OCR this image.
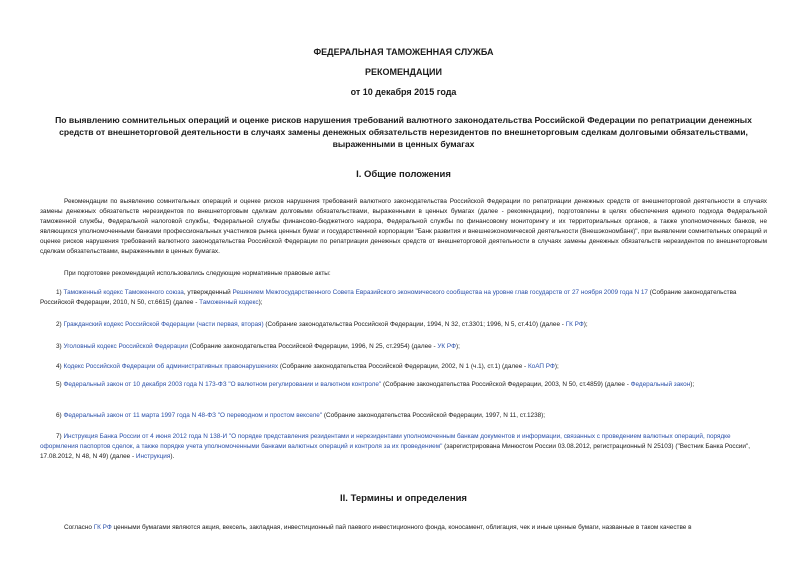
ФЕДЕРАЛЬНАЯ ТАМОЖЕННАЯ СЛУЖБА
РЕКОМЕНДАЦИИ
от 10 декабря 2015 года
По выявлению сомнительных операций и оценке рисков нарушения требований валютного законодательства Российской Федерации по репатриации денежных средств от внешнеторговой деятельности в случаях замены денежных обязательств нерезидентов по внешнеторговым сделкам долговыми обязательствами, выраженными в ценных бумагах
I. Общие положения
Рекомендации по выявлению сомнительных операций и оценке рисков нарушения требований валютного законодательства Российской Федерации по репатриации денежных средств от внешнеторговой деятельности в случаях замены денежных обязательств нерезидентов по внешнеторговым сделкам долговыми обязательствами, выраженными в ценных бумагах (далее - рекомендации), подготовлены в целях обеспечения единого подхода Федеральной таможенной службы, Федеральной налоговой службы, Федеральной службы финансово-бюджетного надзора, Федеральной службы по финансовому мониторингу и их территориальных органов, а также уполномоченных банков, не являющихся уполномоченными банками профессиональных участников рынка ценных бумаг и государственной корпорации "Банк развития и внешнеэкономической деятельности (Внешэкономбанк)", при выявлении сомнительных операций и оценке рисков нарушения требований валютного законодательства Российской Федерации по репатриации денежных средств от внешнеторговой деятельности в случаях замены денежных обязательств нерезидентов по внешнеторговым сделкам обязательствами, выраженными в ценных бумагах.
При подготовке рекомендаций использовались следующие нормативные правовые акты:
1) Таможенный кодекс Таможенного союза, утвержденный Решением Межгосударственного Совета Евразийского экономического сообщества на уровне глав государств от 27 ноября 2009 года N 17 (Собрание законодательства Российской Федерации, 2010, N 50, ст.6615) (далее - Таможенный кодекс);
2) Гражданский кодекс Российской Федерации (части первая, вторая) (Собрание законодательства Российской Федерации, 1994, N 32, ст.3301; 1996, N 5, ст.410) (далее - ГК РФ);
3) Уголовный кодекс Российской Федерации (Собрание законодательства Российской Федерации, 1996, N 25, ст.2954) (далее - УК РФ);
4) Кодекс Российской Федерации об административных правонарушениях (Собрание законодательства Российской Федерации, 2002, N 1 (ч.1), ст.1) (далее - КоАП РФ);
5) Федеральный закон от 10 декабря 2003 года N 173-ФЗ "О валютном регулировании и валютном контроле" (Собрание законодательства Российской Федерации, 2003, N 50, ст.4859) (далее - Федеральный закон);
6) Федеральный закон от 11 марта 1997 года N 48-ФЗ "О переводном и простом векселе" (Собрание законодательства Российской Федерации, 1997, N 11, ст.1238);
7) Инструкция Банка России от 4 июня 2012 года N 138-И "О порядке представления резидентами и нерезидентами уполномоченным банкам документов и информации, связанных с проведением валютных операций, порядке оформления паспортов сделок, а также порядке учета уполномоченными банками валютных операций и контроля за их проведением" (зарегистрирована Минюстом России 03.08.2012, регистрационный N 25103) ("Вестник Банка России", 17.08.2012, N 48, N 49) (далее - Инструкция).
II. Термины и определения
Согласно ГК РФ ценными бумагами являются акция, вексель, закладная, инвестиционный пай паевого инвестиционного фонда, коносамент, облигация, чек и иные ценные бумаги, названные в таком качестве в
